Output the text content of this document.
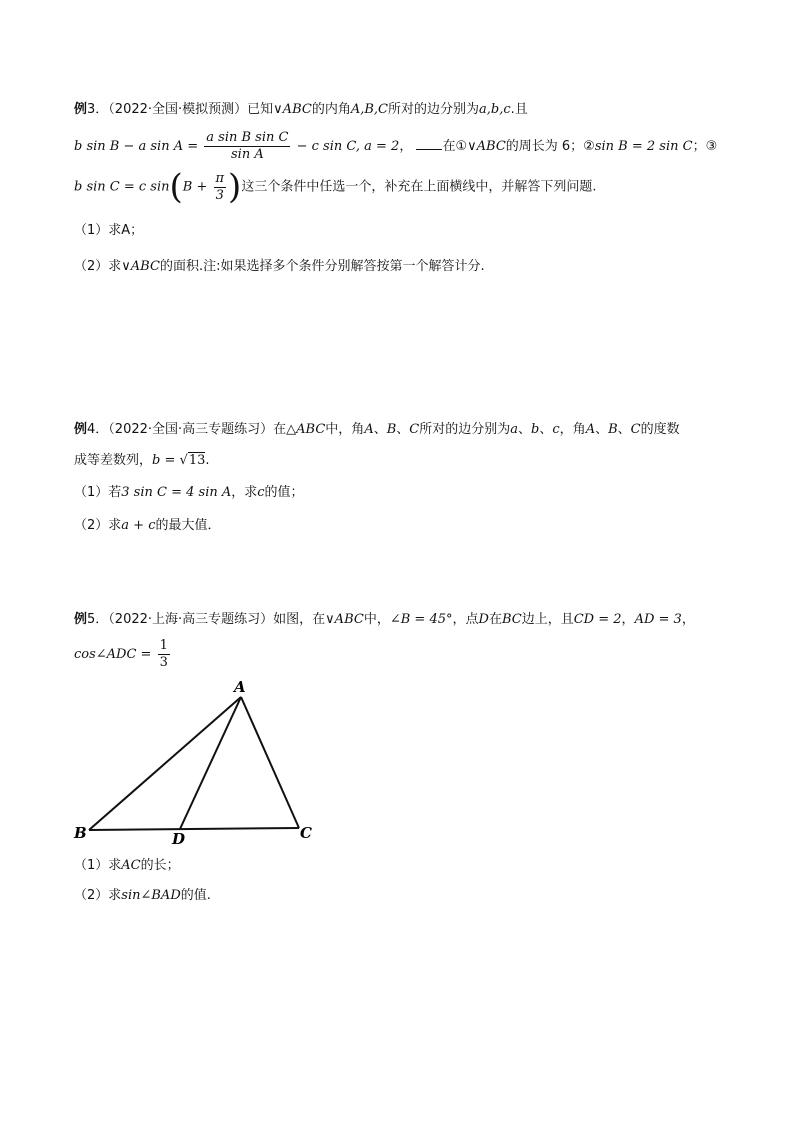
例3．（2022·全国·模拟预测）已知∨ABC的内角A,B,C所对的边分别为a,b,c.且
b sin B − a $\sin A = \frac{\text{a sin B sin C}}{\text{sin A}} - c$ sin C, a = 2， 在①∨ABC的周长为 6；②sin B = 2 sin C；③
b sin C = c $\sin(B + \frac{\pi}{3}$ )这三个条件中任选一个，补充在上面横线中，并解答下列问题.
（1）求A；
（2）求∨ABC的面积.注:如果选择多个条件分别解答按第一个解答计分.
例4．（2022·全国·高三专题练习）在△ABC中，角A、B、C所对的边分别为a、b、c，角A、B、C的度数
成等差数列，b = √13.
（1）若3 sin C = 4 sin A，求c的值；
（2）求a + c的最大值．
例5．（2022·上海·高三专题练习）如图，在∨ABC中，∠B = 45°，点D在BC边上，且CD = 2，AD = 3，
cos∠ADC = $\frac{1}{3}$
A
B	C
D
（1）求AC的长；
（2）求sin∠BAD的值.
